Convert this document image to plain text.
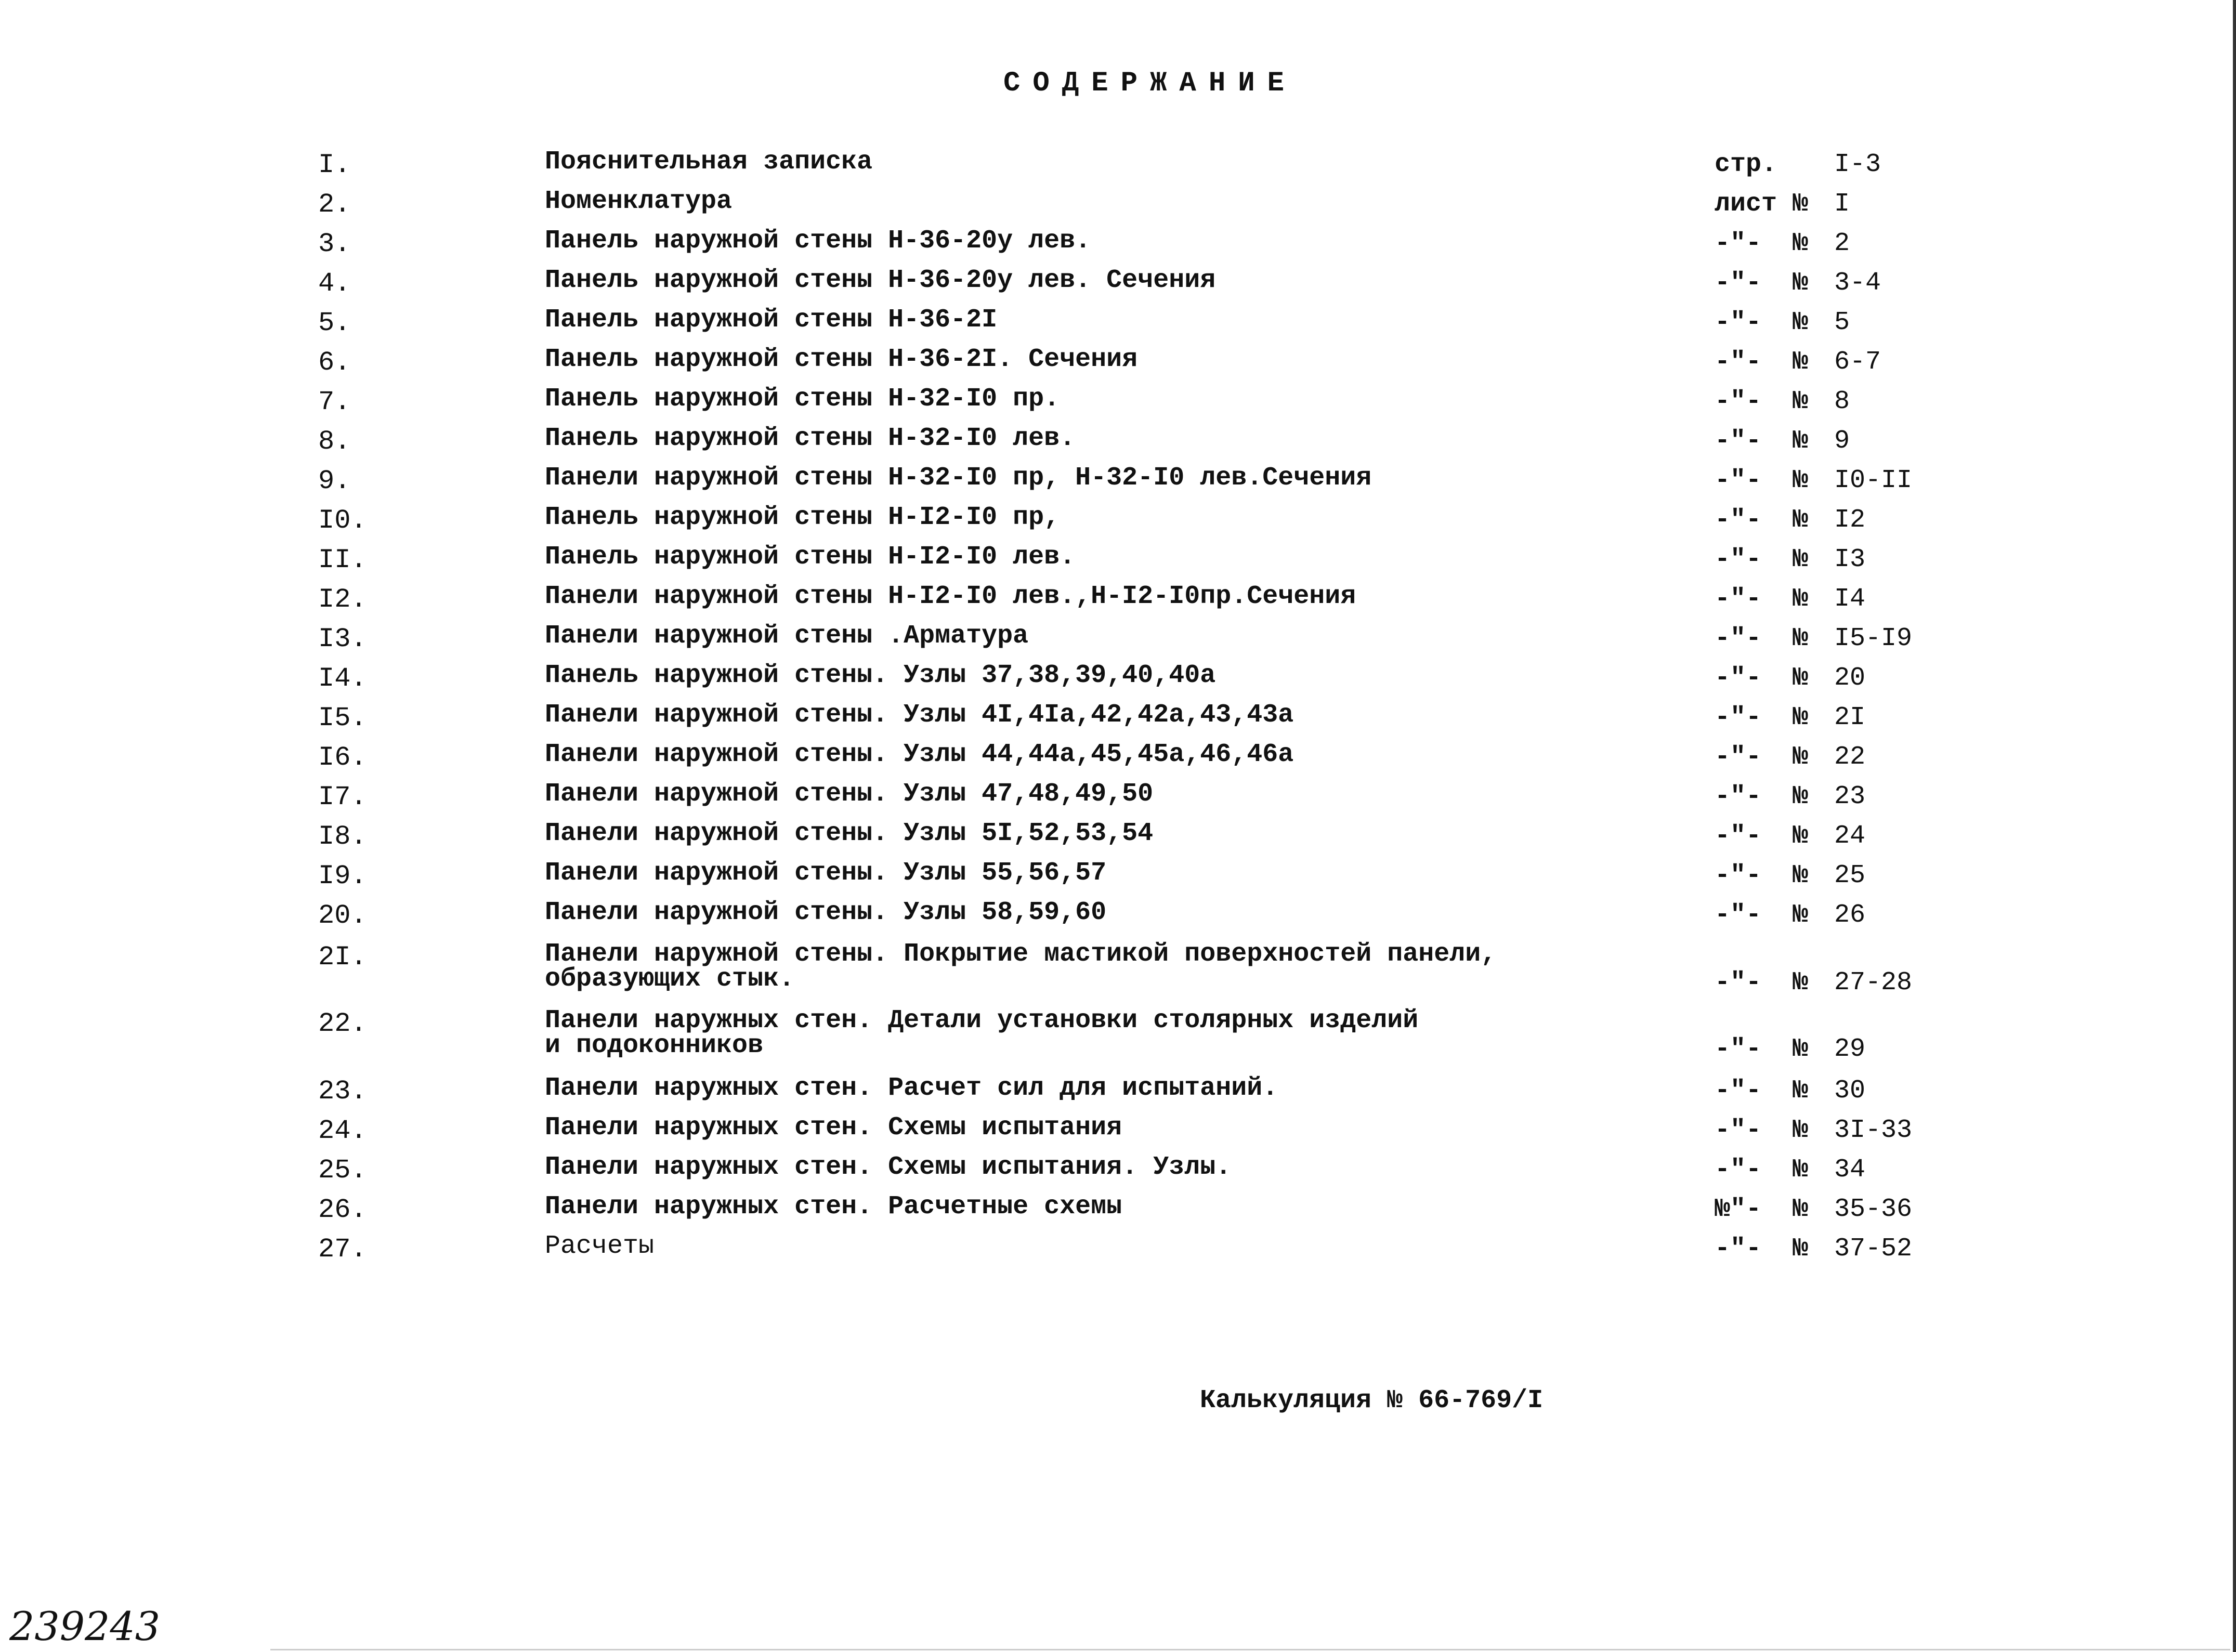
СОДЕРЖАНИЕ
I.	Пояснительная записка	стр. I-3
2.	Номенклатура	лист № I
3.	Панель наружной стены Н-36-20у лев.	-"- № 2
4.	Панель наружной стены Н-36-20у лев. Сечения	-"- № 3-4
5.	Панель наружной стены Н-36-2I	-"- № 5
6.	Панель наружной стены Н-36-2I. Сечения	-"- № 6-7
7.	Панель наружной стены Н-32-I0 пр.	-"- № 8
8.	Панель наружной стены Н-32-I0 лев.	-"- № 9
9.	Панели наружной стены Н-32-I0 пр, Н-32-I0 лев.Сечения	-"- № I0-II
I0.	Панель наружной стены Н-I2-I0 пр,	-"- № I2
II.	Панель наружной стены Н-I2-I0 лев.	-"- № I3
I2.	Панели наружной стены Н-I2-I0 лев.,Н-I2-I0пр.Сечения	-"- № I4
I3.	Панели наружной стены .Арматура	-"- № I5-I9
I4.	Панель наружной стены. Узлы 37,38,39,40,40а	-"- № 20
I5.	Панели наружной стены. Узлы 4I,4Iа,42,42а,43,43а	-"- № 2I
I6.	Панели наружной стены. Узлы 44,44а,45,45а,46,46а	-"- № 22
I7.	Панели наружной стены. Узлы 47,48,49,50	-"- № 23
I8.	Панели наружной стены. Узлы 5I,52,53,54	-"- № 24
I9.	Панели наружной стены. Узлы 55,56,57	-"- № 25
20.	Панели наружной стены. Узлы 58,59,60	-"- № 26
2I.	Панели наружной стены. Покрытие мастикой поверхностей панели,
образующих стык.	-"- № 27-28
22.	Панели наружных стен. Детали установки столярных изделий
и подоконников	-"- № 29
23.	Панели наружных стен. Расчет сил для испытаний.	-"- № 30
24.	Панели наружных стен. Схемы испытания	-"- № 3I-33
25.	Панели наружных стен. Схемы испытания. Узлы.	-"- № 34
26.	Панели наружных стен. Расчетные схемы	№"- № 35-36
27.	Расчеты	-"- № 37-52
Калькуляция № 66-769/I
239243
